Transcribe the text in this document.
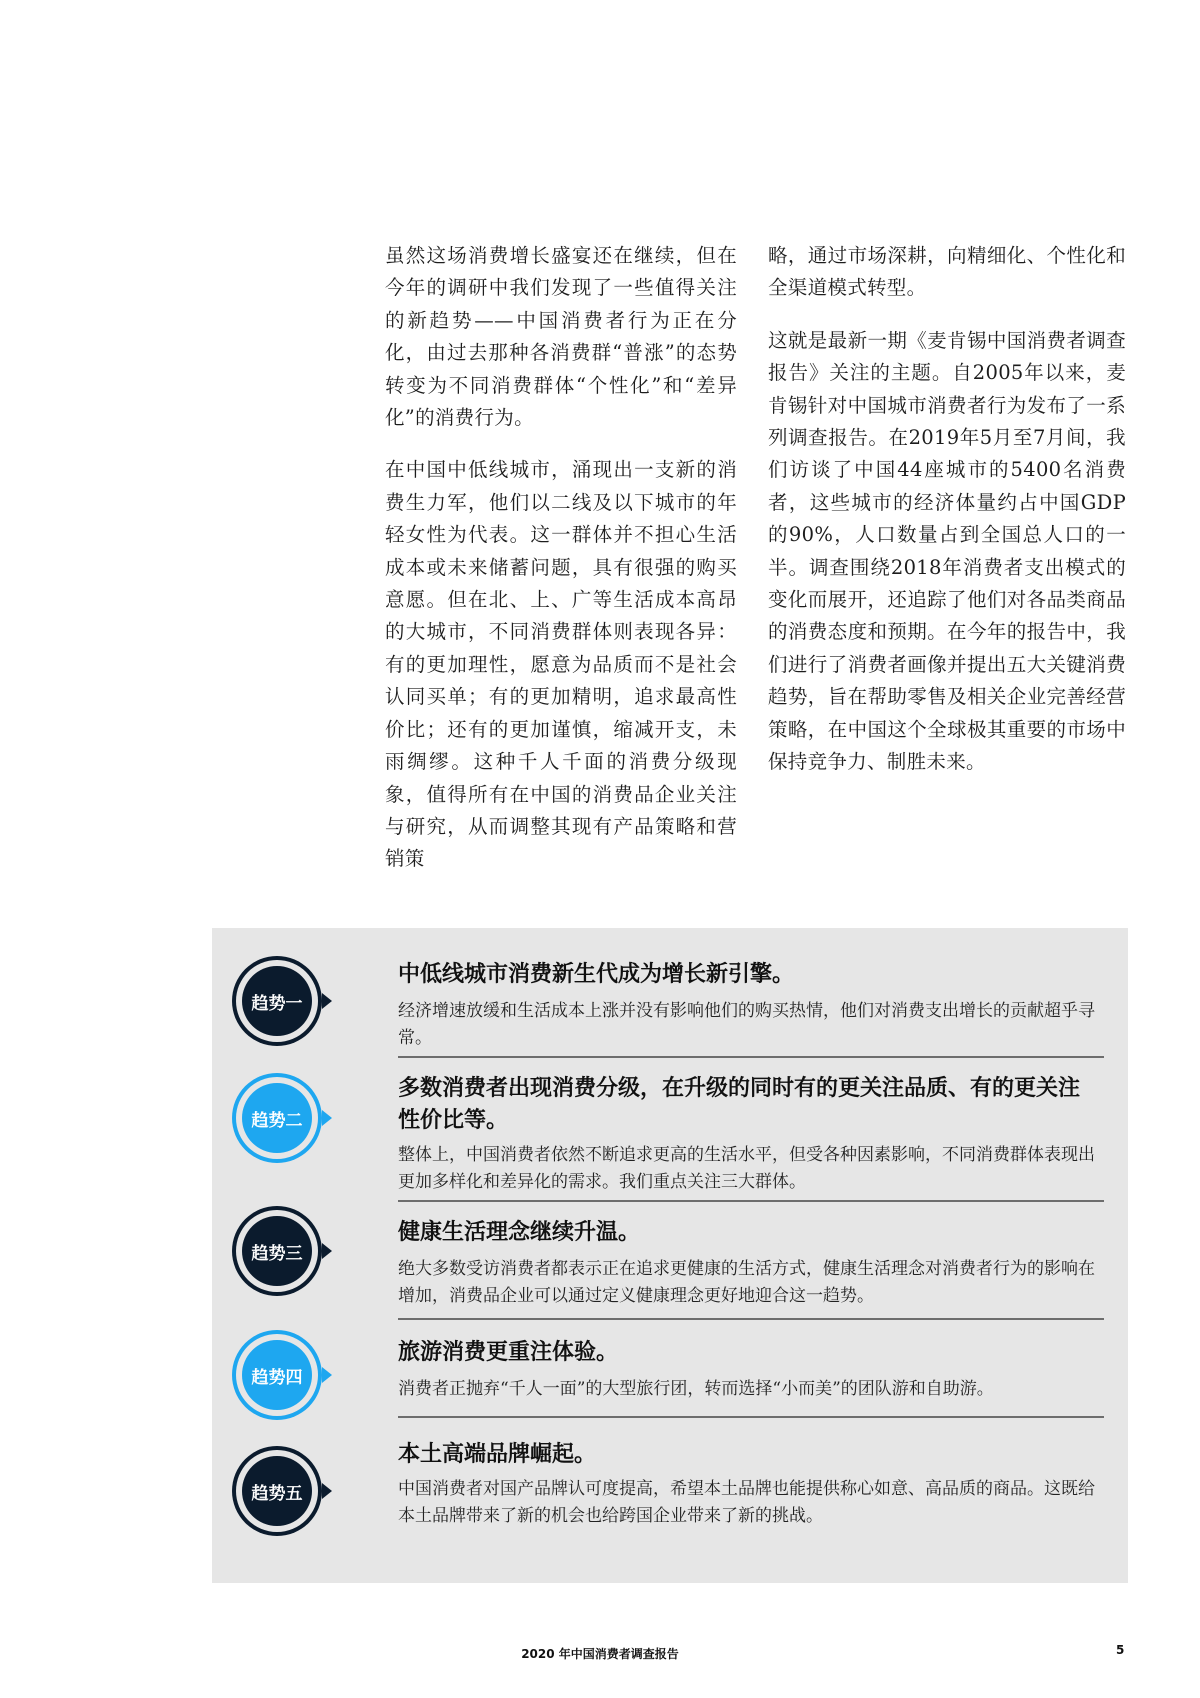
虽然这场消费增长盛宴还在继续，但在今年的调研中我们发现了一些值得关注的新趋势——中国消费者行为正在分化，由过去那种各消费群“普涨”的态势转变为不同消费群体“个性化”和“差异化”的消费行为。

在中国中低线城市，涌现出一支新的消费生力军，他们以二线及以下城市的年轻女性为代表。这一群体并不担心生活成本或未来储蓄问题，具有很强的购买意愿。但在北、上、广等生活成本高昂的大城市，不同消费群体则表现各异：有的更加理性，愿意为品质而不是社会认同买单；有的更加精明，追求最高性价比；还有的更加谨慎，缩减开支，未雨绸缪。这种千人千面的消费分级现象，值得所有在中国的消费品企业关注与研究，从而调整其现有产品策略和营销策

略，通过市场深耕，向精细化、个性化和全渠道模式转型。

这就是最新一期《麦肯锡中国消费者调查报告》关注的主题。自2005年以来，麦肯锡针对中国城市消费者行为发布了一系列调查报告。在2019年5月至7月间，我们访谈了中国44座城市的5400名消费者，这些城市的经济体量约占中国GDP的90%，人口数量占到全国总人口的一半。调查围绕2018年消费者支出模式的变化而展开，还追踪了他们对各品类商品的消费态度和预期。在今年的报告中，我们进行了消费者画像并提出五大关键消费趋势，旨在帮助零售及相关企业完善经营策略，在中国这个全球极其重要的市场中保持竞争力、制胜未来。

趋势一
中低线城市消费新生代成为增长新引擎。
经济增速放缓和生活成本上涨并没有影响他们的购买热情，他们对消费支出增长的贡献超乎寻常。
趋势二
多数消费者出现消费分级，在升级的同时有的更关注品质、有的更关注性价比等。
整体上，中国消费者依然不断追求更高的生活水平，但受各种因素影响，不同消费群体表现出更加多样化和差异化的需求。我们重点关注三大群体。
趋势三
健康生活理念继续升温。
绝大多数受访消费者都表示正在追求更健康的生活方式，健康生活理念对消费者行为的影响在增加，消费品企业可以通过定义健康理念更好地迎合这一趋势。
趋势四
旅游消费更重注体验。
消费者正抛弃“千人一面”的大型旅行团，转而选择“小而美”的团队游和自助游。
趋势五
本土高端品牌崛起。
中国消费者对国产品牌认可度提高，希望本土品牌也能提供称心如意、高品质的商品。这既给本土品牌带来了新的机会也给跨国企业带来了新的挑战。
2020 年中国消费者调查报告	5
